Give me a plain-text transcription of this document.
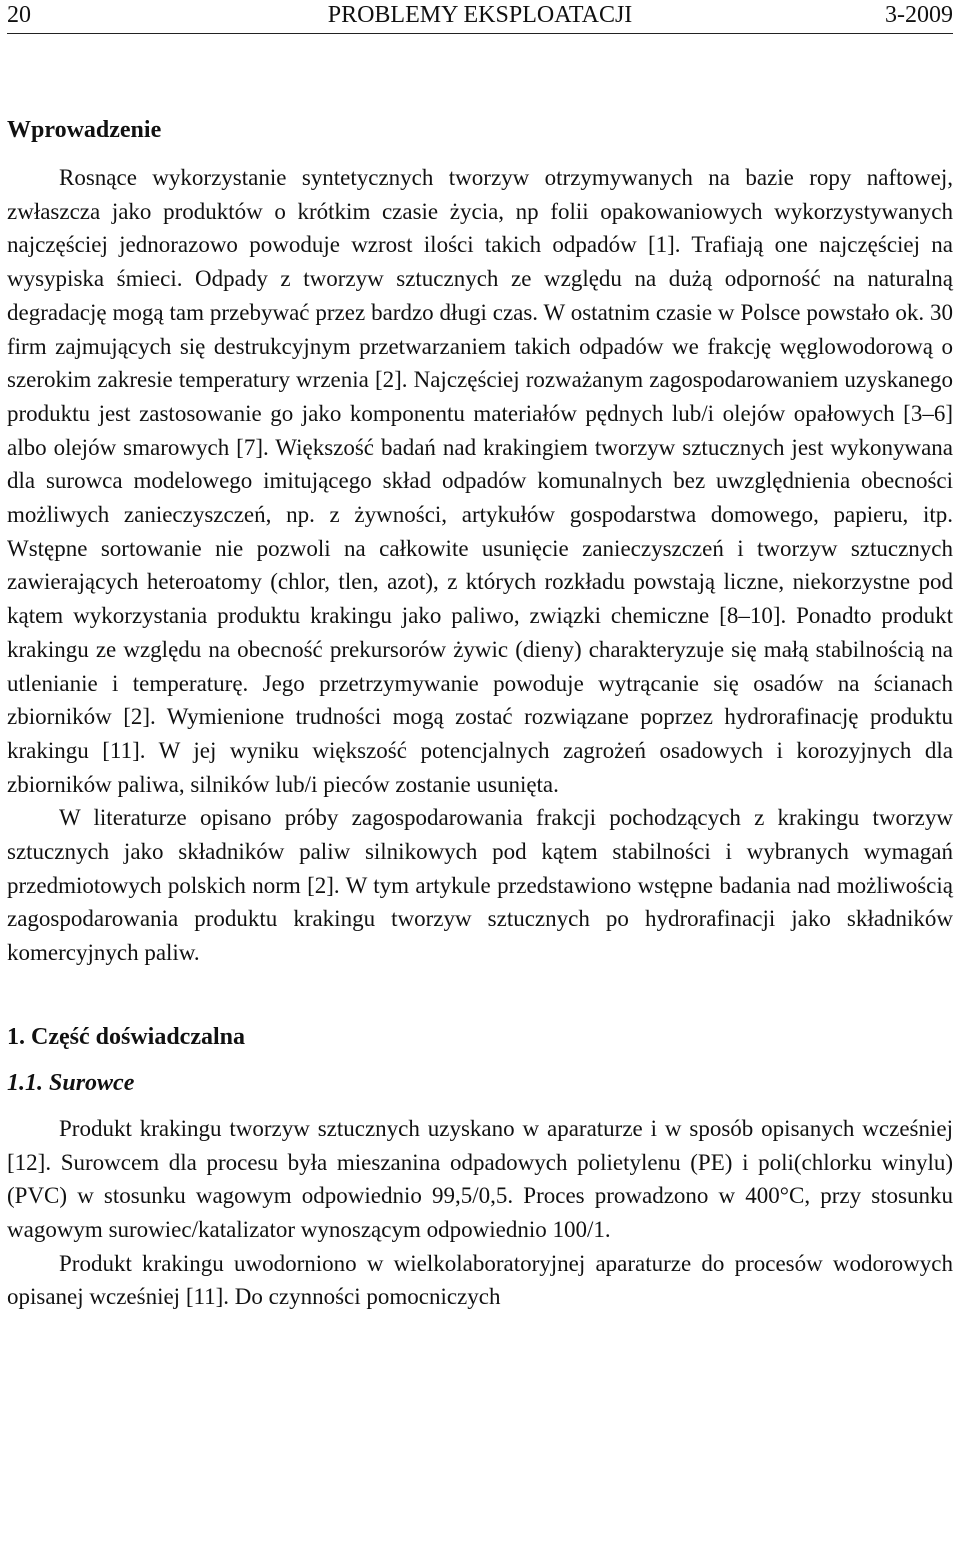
20	PROBLEMY EKSPLOATACJI	3-2009
Wprowadzenie

Rosnące wykorzystanie syntetycznych tworzyw otrzymywanych na bazie ropy naftowej, zwłaszcza jako produktów o krótkim czasie życia, np folii opakowaniowych wykorzystywanych najczęściej jednorazowo powoduje wzrost ilości takich odpadów [1]. Trafiają one najczęściej na wysypiska śmieci. Odpady z tworzyw sztucznych ze względu na dużą odporność na naturalną degradację mogą tam przebywać przez bardzo długi czas. W ostatnim czasie w Polsce powstało ok. 30 firm zajmujących się destrukcyjnym przetwarzaniem takich odpadów we frakcję węglowodorową o szerokim zakresie temperatury wrzenia [2]. Najczęściej rozważanym zagospodarowaniem uzyskanego produktu jest zastosowanie go jako komponentu materiałów pędnych lub/i olejów opałowych [3–6] albo olejów smarowych [7]. Większość badań nad krakingiem tworzyw sztucznych jest wykonywana dla surowca modelowego imitującego skład odpadów komunalnych bez uwzględnienia obecności możliwych zanieczyszczeń, np. z żywności, artykułów gospodarstwa domowego, papieru, itp. Wstępne sortowanie nie pozwoli na całkowite usunięcie zanieczyszczeń i tworzyw sztucznych zawierających heteroatomy (chlor, tlen, azot), z których rozkładu powstają liczne, niekorzystne pod kątem wykorzystania produktu krakingu jako paliwo, związki chemiczne [8–10]. Ponadto produkt krakingu ze względu na obecność prekursorów żywic (dieny) charakteryzuje się małą stabilnością na utlenianie i temperaturę. Jego przetrzymywanie powoduje wytrącanie się osadów na ścianach zbiorników [2]. Wymienione trudności mogą zostać rozwiązane poprzez hydrorafinację produktu krakingu [11]. W jej wyniku większość potencjalnych zagrożeń osadowych i korozyjnych dla zbiorników paliwa, silników lub/i pieców zostanie usunięta.

W literaturze opisano próby zagospodarowania frakcji pochodzących z krakingu tworzyw sztucznych jako składników paliw silnikowych pod kątem stabilności i wybranych wymagań przedmiotowych polskich norm [2]. W tym artykule przedstawiono wstępne badania nad możliwością zagospodarowania produktu krakingu tworzyw sztucznych po hydrorafinacji jako składników komercyjnych paliw.

1. Część doświadczalna
1.1. Surowce

Produkt krakingu tworzyw sztucznych uzyskano w aparaturze i w sposób opisanych wcześniej [12]. Surowcem dla procesu była mieszanina odpadowych polietylenu (PE) i poli(chlorku winylu) (PVC) w stosunku wagowym odpowiednio 99,5/0,5. Proces prowadzono w 400°C, przy stosunku wagowym surowiec/katalizator wynoszącym odpowiednio 100/1.

Produkt krakingu uwodorniono w wielkolaboratoryjnej aparaturze do procesów wodorowych opisanej wcześniej [11]. Do czynności pomocniczych
